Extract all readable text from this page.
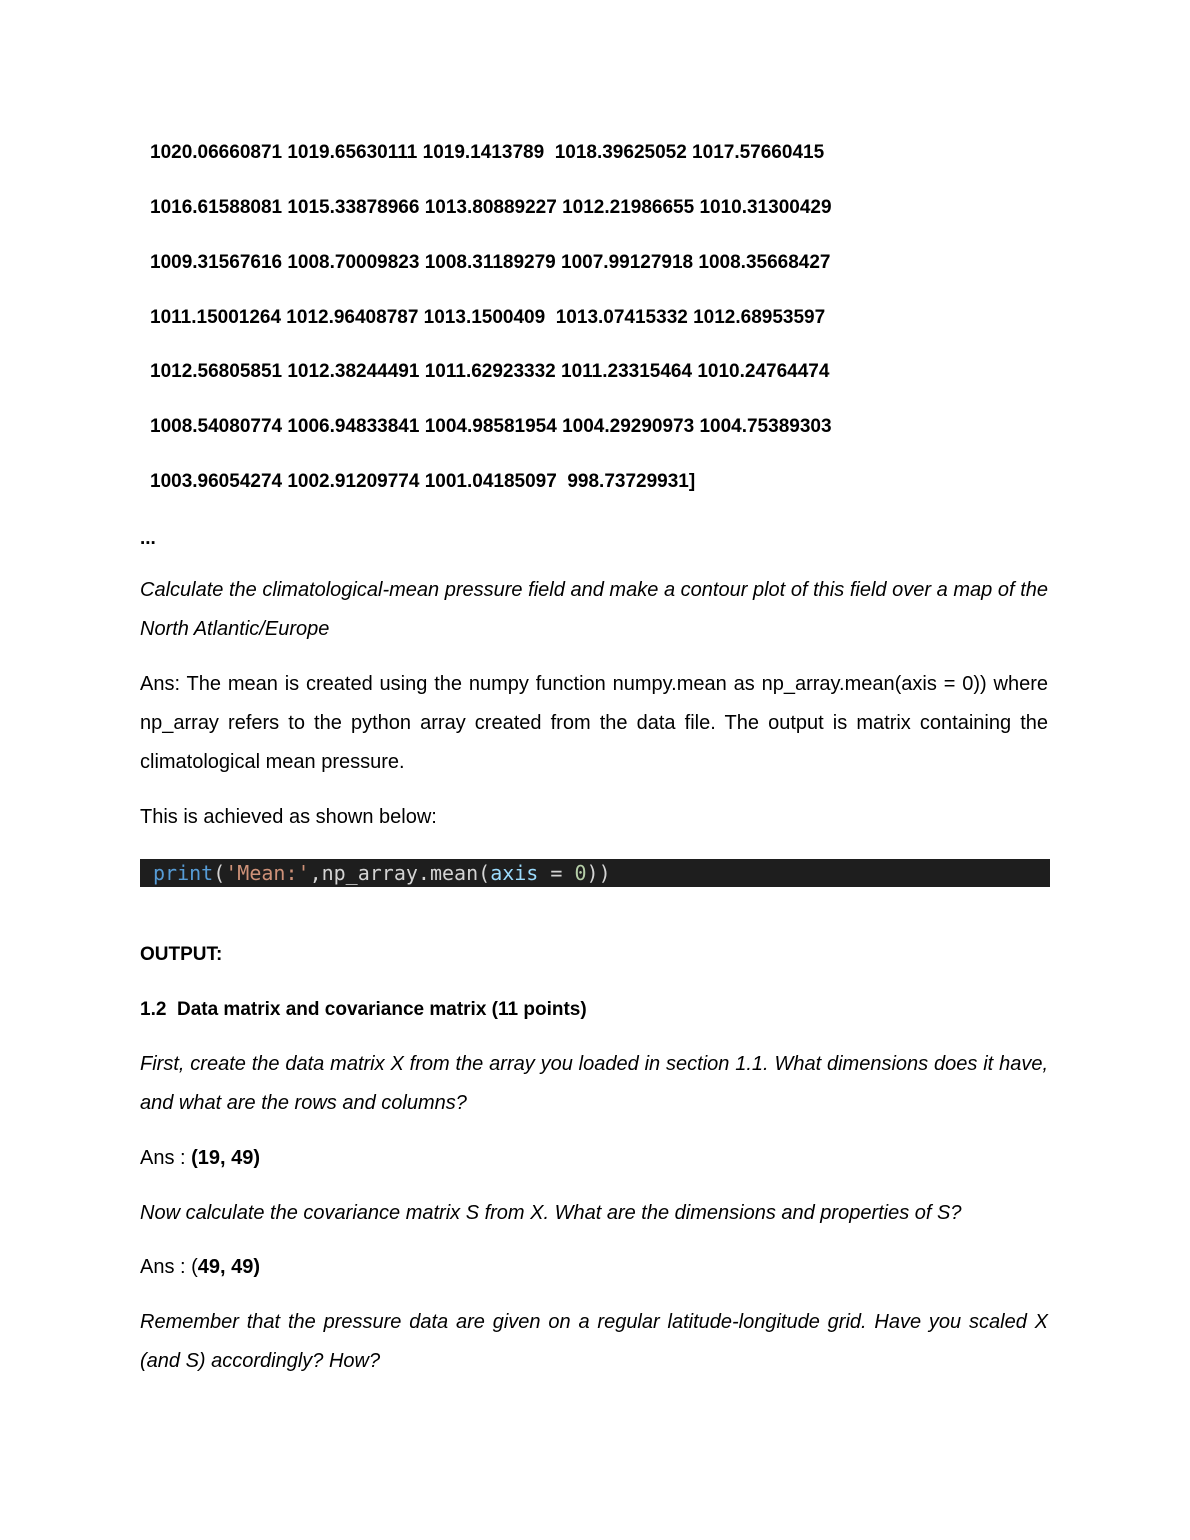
1020.06660871 1019.65630111 1019.1413789  1018.39625052 1017.57660415
1016.61588081 1015.33878966 1013.80889227 1012.21986655 1010.31300429
1009.31567616 1008.70009823 1008.31189279 1007.99127918 1008.35668427
1011.15001264 1012.96408787 1013.1500409  1013.07415332 1012.68953597
1012.56805851 1012.38244491 1011.62923332 1011.23315464 1010.24764474
1008.54080774 1006.94833841 1004.98581954 1004.29290973 1004.75389303
1003.96054274 1002.91209774 1001.04185097  998.73729931]
...
Calculate the climatological-mean pressure field and make a contour plot of this field over a map of the North Atlantic/Europe
Ans: The mean is created using the numpy function numpy.mean as np_array.mean(axis = 0)) where np_array refers to the python array created from the data file. The output is matrix containing the climatological mean pressure.
This is achieved as shown below:
print('Mean:',np_array.mean(axis = 0))
OUTPUT:
1.2  Data matrix and covariance matrix (11 points)
First, create the data matrix X from the array you loaded in section 1.1. What dimensions does it have, and what are the rows and columns?
Ans : (19, 49)
Now calculate the covariance matrix S from X. What are the dimensions and properties of S?
Ans : (49, 49)
Remember that the pressure data are given on a regular latitude-longitude grid. Have you scaled X (and S) accordingly? How?
